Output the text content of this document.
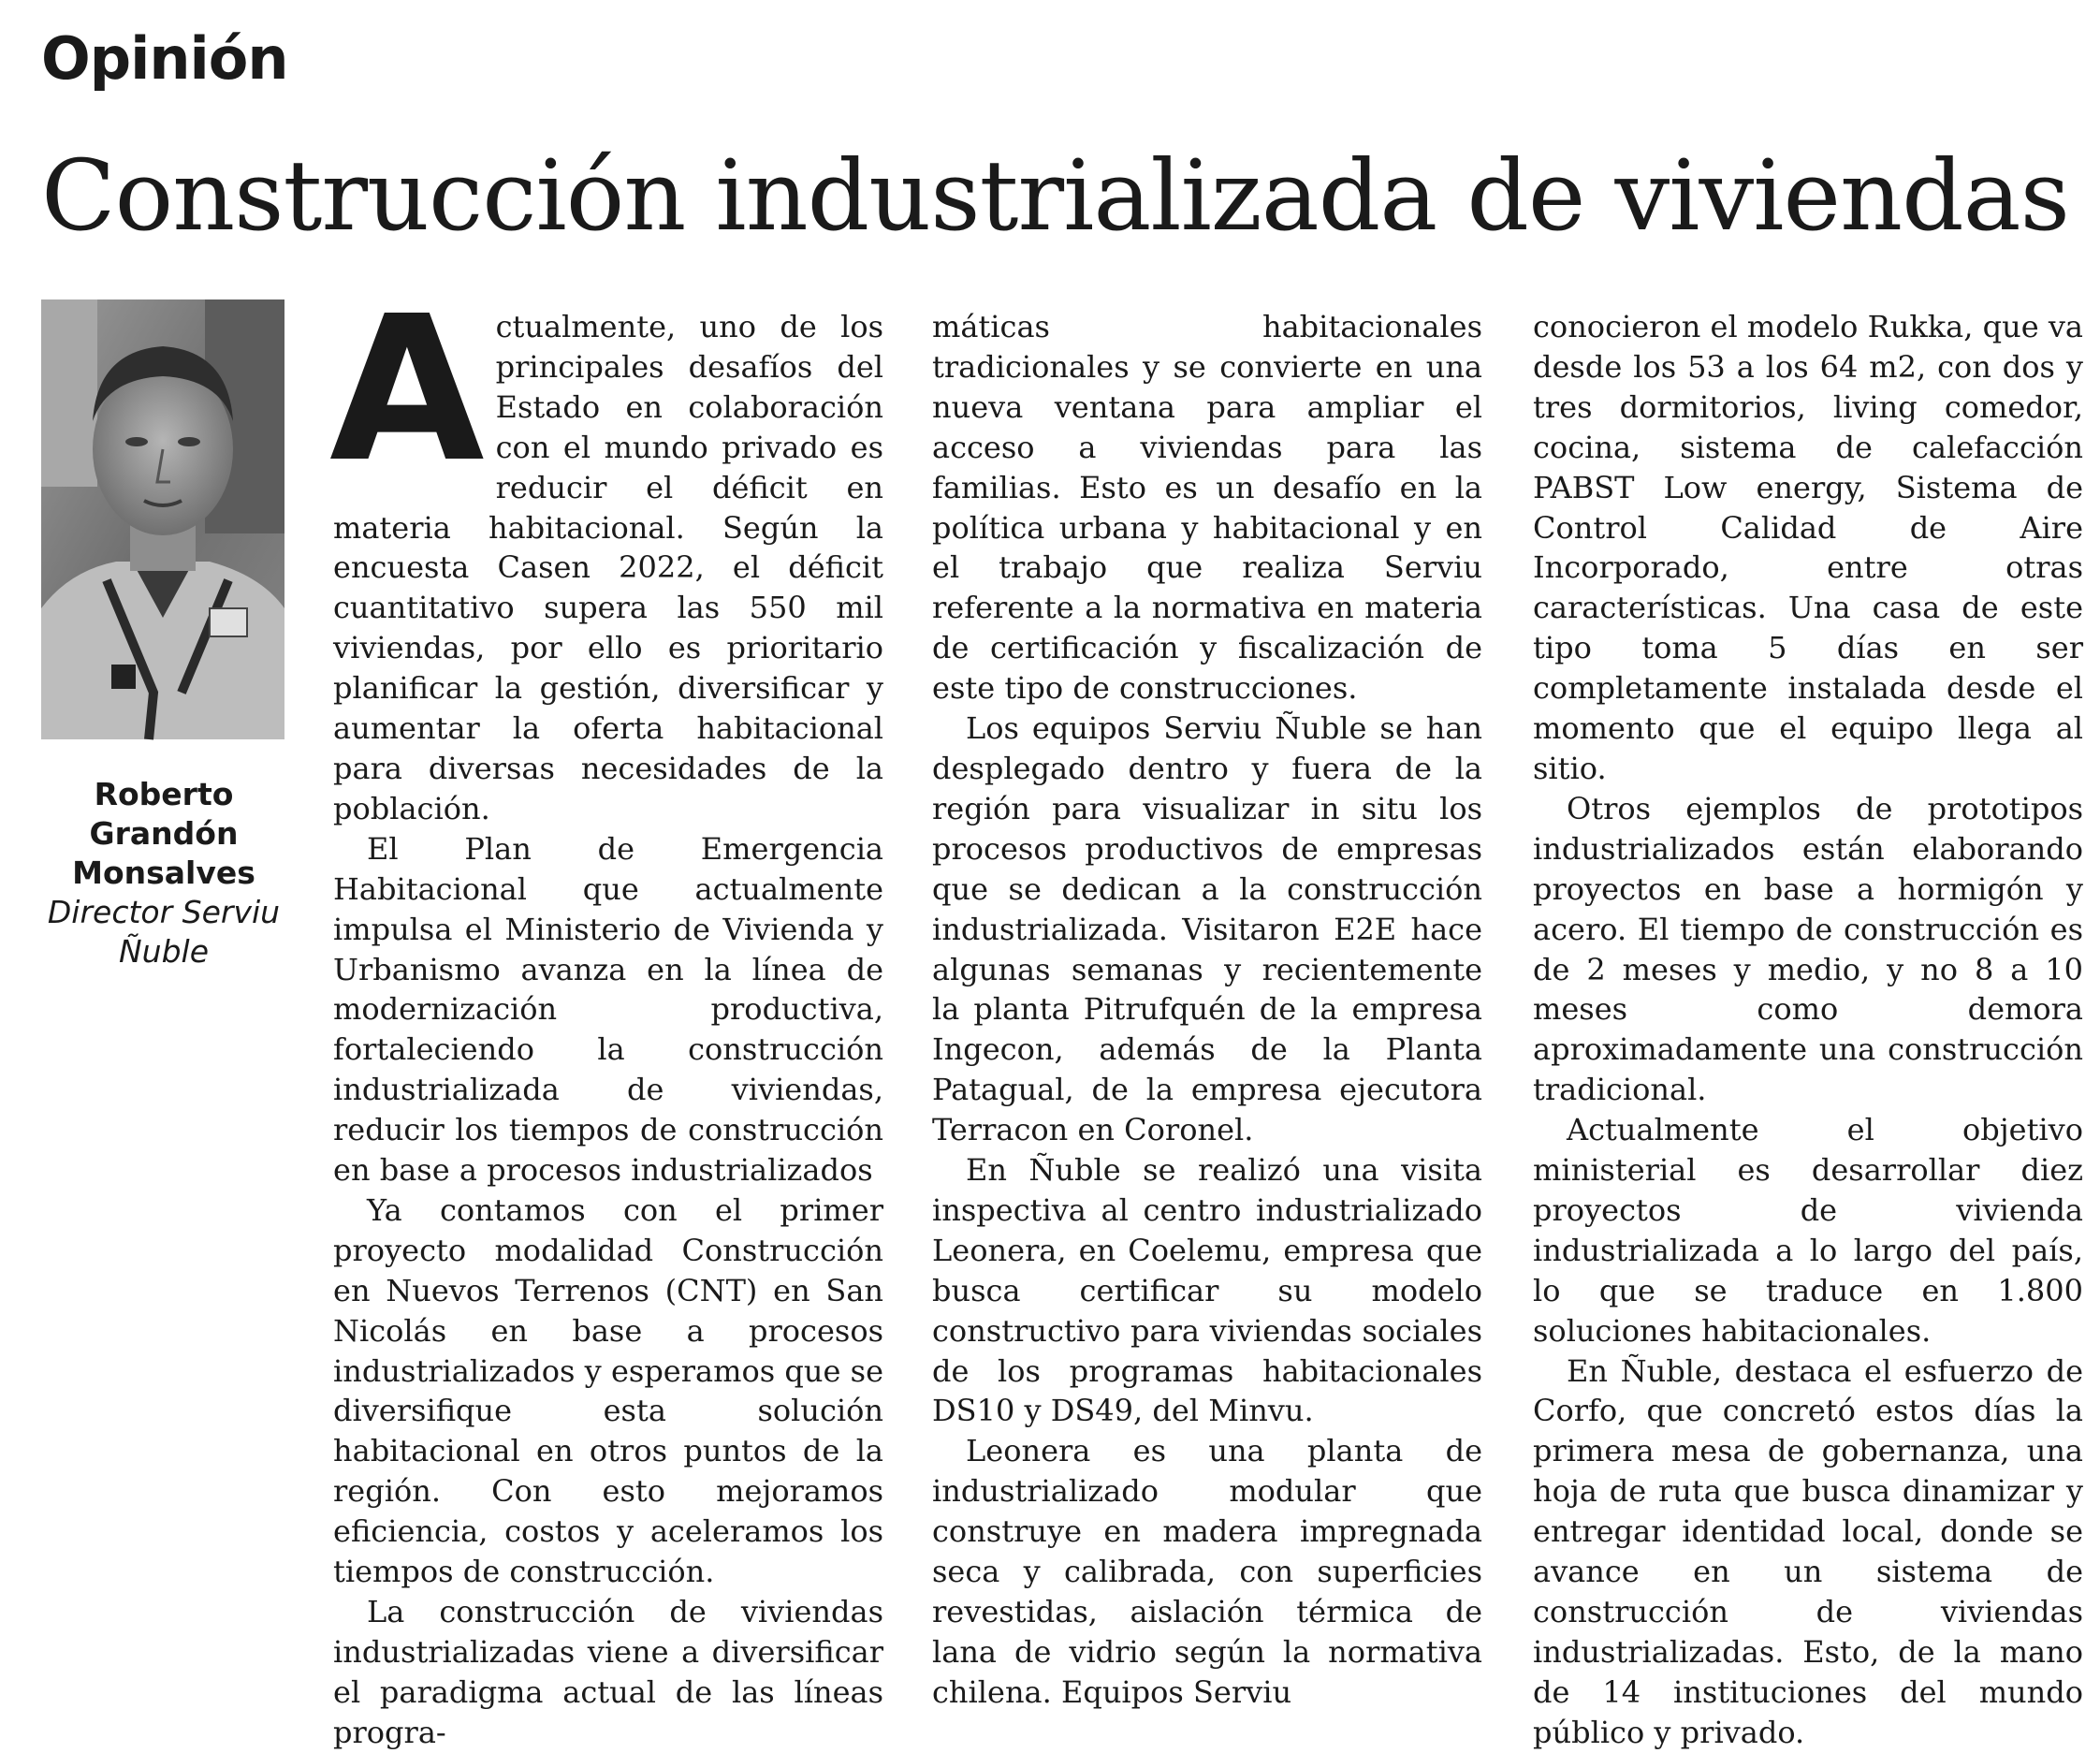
Opinión
Construcción industrializada de viviendas
Roberto
Grandón
Monsalves
Director Serviu
Ñuble

Actualmente, uno de los principales desafíos del Estado en colaboración con el mundo privado es reducir el déficit en materia habitacional. Según la encuesta Casen 2022, el déficit cuantitativo supera las 550 mil viviendas, por ello es prioritario planificar la gestión, diversificar y aumentar la oferta habitacional para diversas necesidades de la población.

El Plan de Emergencia Habitacional que actualmente impulsa el Ministerio de Vivienda y Urbanismo avanza en la línea de modernización productiva, fortaleciendo la construcción industrializada de viviendas, reducir los tiempos de construcción en base a procesos industrializados

Ya contamos con el primer proyecto modalidad Construcción en Nuevos Terrenos (CNT) en San Nicolás en base a procesos industrializados y esperamos que se diversifique esta solución habitacional en otros puntos de la región. Con esto mejoramos eficiencia, costos y aceleramos los tiempos de construcción.

La construcción de viviendas industrializadas viene a diversificar el paradigma actual de las líneas progra-

máticas habitacionales tradicionales y se convierte en una nueva ventana para ampliar el acceso a viviendas para las familias. Esto es un desafío en la política urbana y habitacional y en el trabajo que realiza Serviu referente a la normativa en materia de certificación y fiscalización de este tipo de construcciones.

Los equipos Serviu Ñuble se han desplegado dentro y fuera de la región para visualizar in situ los procesos productivos de empresas que se dedican a la construcción industrializada. Visitaron E2E hace algunas semanas y recientemente la planta Pitrufquén de la empresa Ingecon, además de la Planta Patagual, de la empresa ejecutora Terracon en Coronel.

En Ñuble se realizó una visita inspectiva al centro industrializado Leonera, en Coelemu, empresa que busca certificar su modelo constructivo para viviendas sociales de los programas habitacionales DS10 y DS49, del Minvu.

Leonera es una planta de industrializado modular que construye en madera impregnada seca y calibrada, con superficies revestidas, aislación térmica de lana de vidrio según la normativa chilena. Equipos Serviu

conocieron el modelo Rukka, que va desde los 53 a los 64 m2, con dos y tres dormitorios, living comedor, cocina, sistema de calefacción PABST Low energy, Sistema de Control Calidad de Aire Incorporado, entre otras características. Una casa de este tipo toma 5 días en ser completamente instalada desde el momento que el equipo llega al sitio.

Otros ejemplos de prototipos industrializados están elaborando proyectos en base a hormigón y acero. El tiempo de construcción es de 2 meses y medio, y no 8 a 10 meses como demora aproximadamente una construcción tradicional.

Actualmente el objetivo ministerial es desarrollar diez proyectos de vivienda industrializada a lo largo del país, lo que se traduce en 1.800 soluciones habitacionales.

En Ñuble, destaca el esfuerzo de Corfo, que concretó estos días la primera mesa de gobernanza, una hoja de ruta que busca dinamizar y entregar identidad local, donde se avance en un sistema de construcción de viviendas industrializadas. Esto, de la mano de 14 instituciones del mundo público y privado.
